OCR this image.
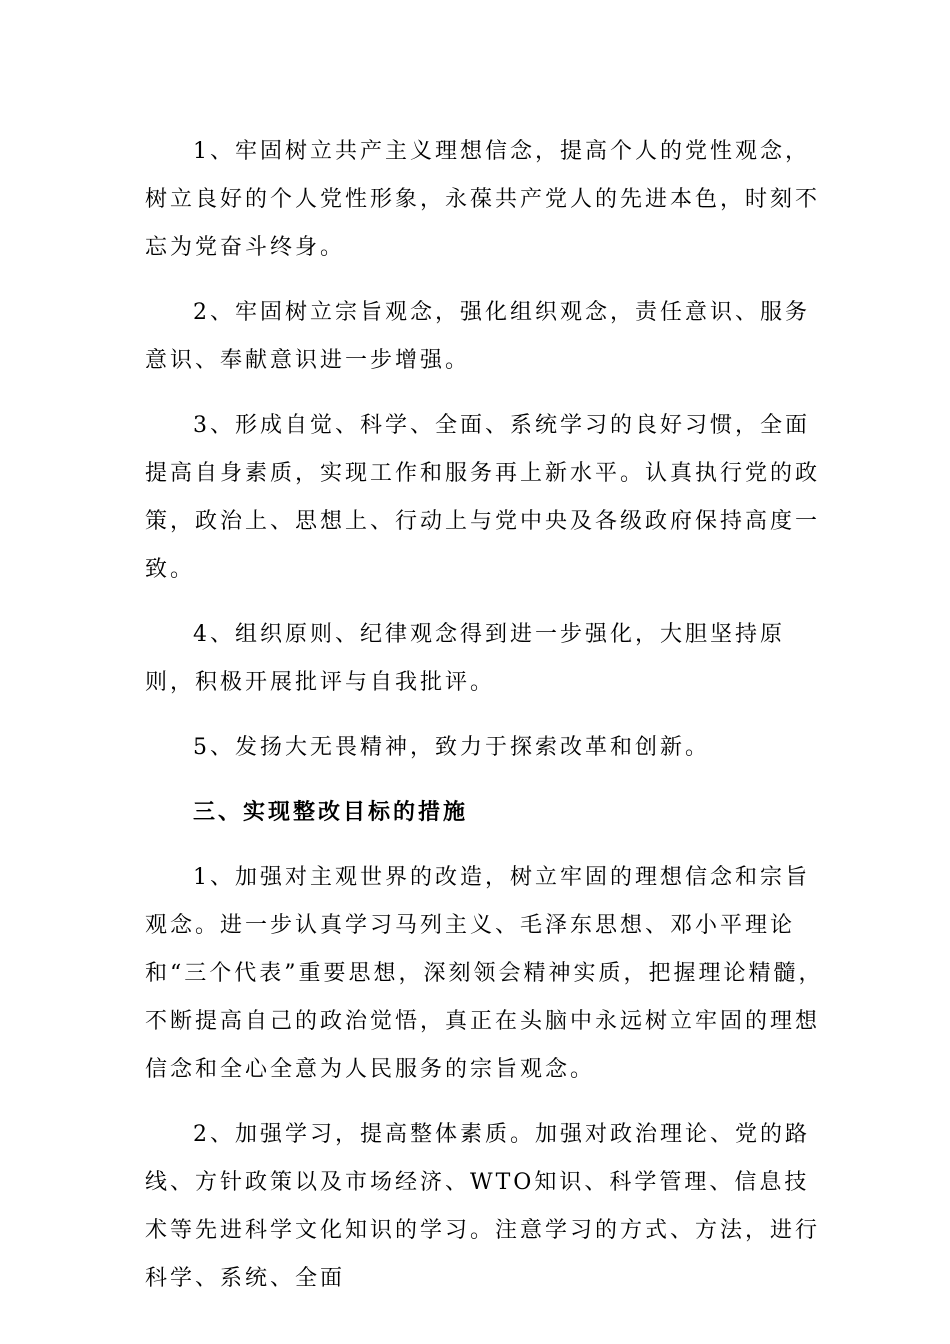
1、牢固树立共产主义理想信念，提高个人的党性观念，树立良好的个人党性形象，永葆共产党人的先进本色，时刻不忘为党奋斗终身。

2、牢固树立宗旨观念，强化组织观念，责任意识、服务意识、奉献意识进一步增强。

3、形成自觉、科学、全面、系统学习的良好习惯，全面提高自身素质，实现工作和服务再上新水平。认真执行党的政策，政治上、思想上、行动上与党中央及各级政府保持高度一致。

4、组织原则、纪律观念得到进一步强化，大胆坚持原则，积极开展批评与自我批评。

5、发扬大无畏精神，致力于探索改革和创新。

三、实现整改目标的措施

1、加强对主观世界的改造，树立牢固的理想信念和宗旨观念。进一步认真学习马列主义、毛泽东思想、邓小平理论和“三个代表”重要思想，深刻领会精神实质，把握理论精髓，不断提高自己的政治觉悟，真正在头脑中永远树立牢固的理想信念和全心全意为人民服务的宗旨观念。

2、加强学习，提高整体素质。加强对政治理论、党的路线、方针政策以及市场经济、WTO知识、科学管理、信息技术等先进科学文化知识的学习。注意学习的方式、方法，进行科学、系统、全面
